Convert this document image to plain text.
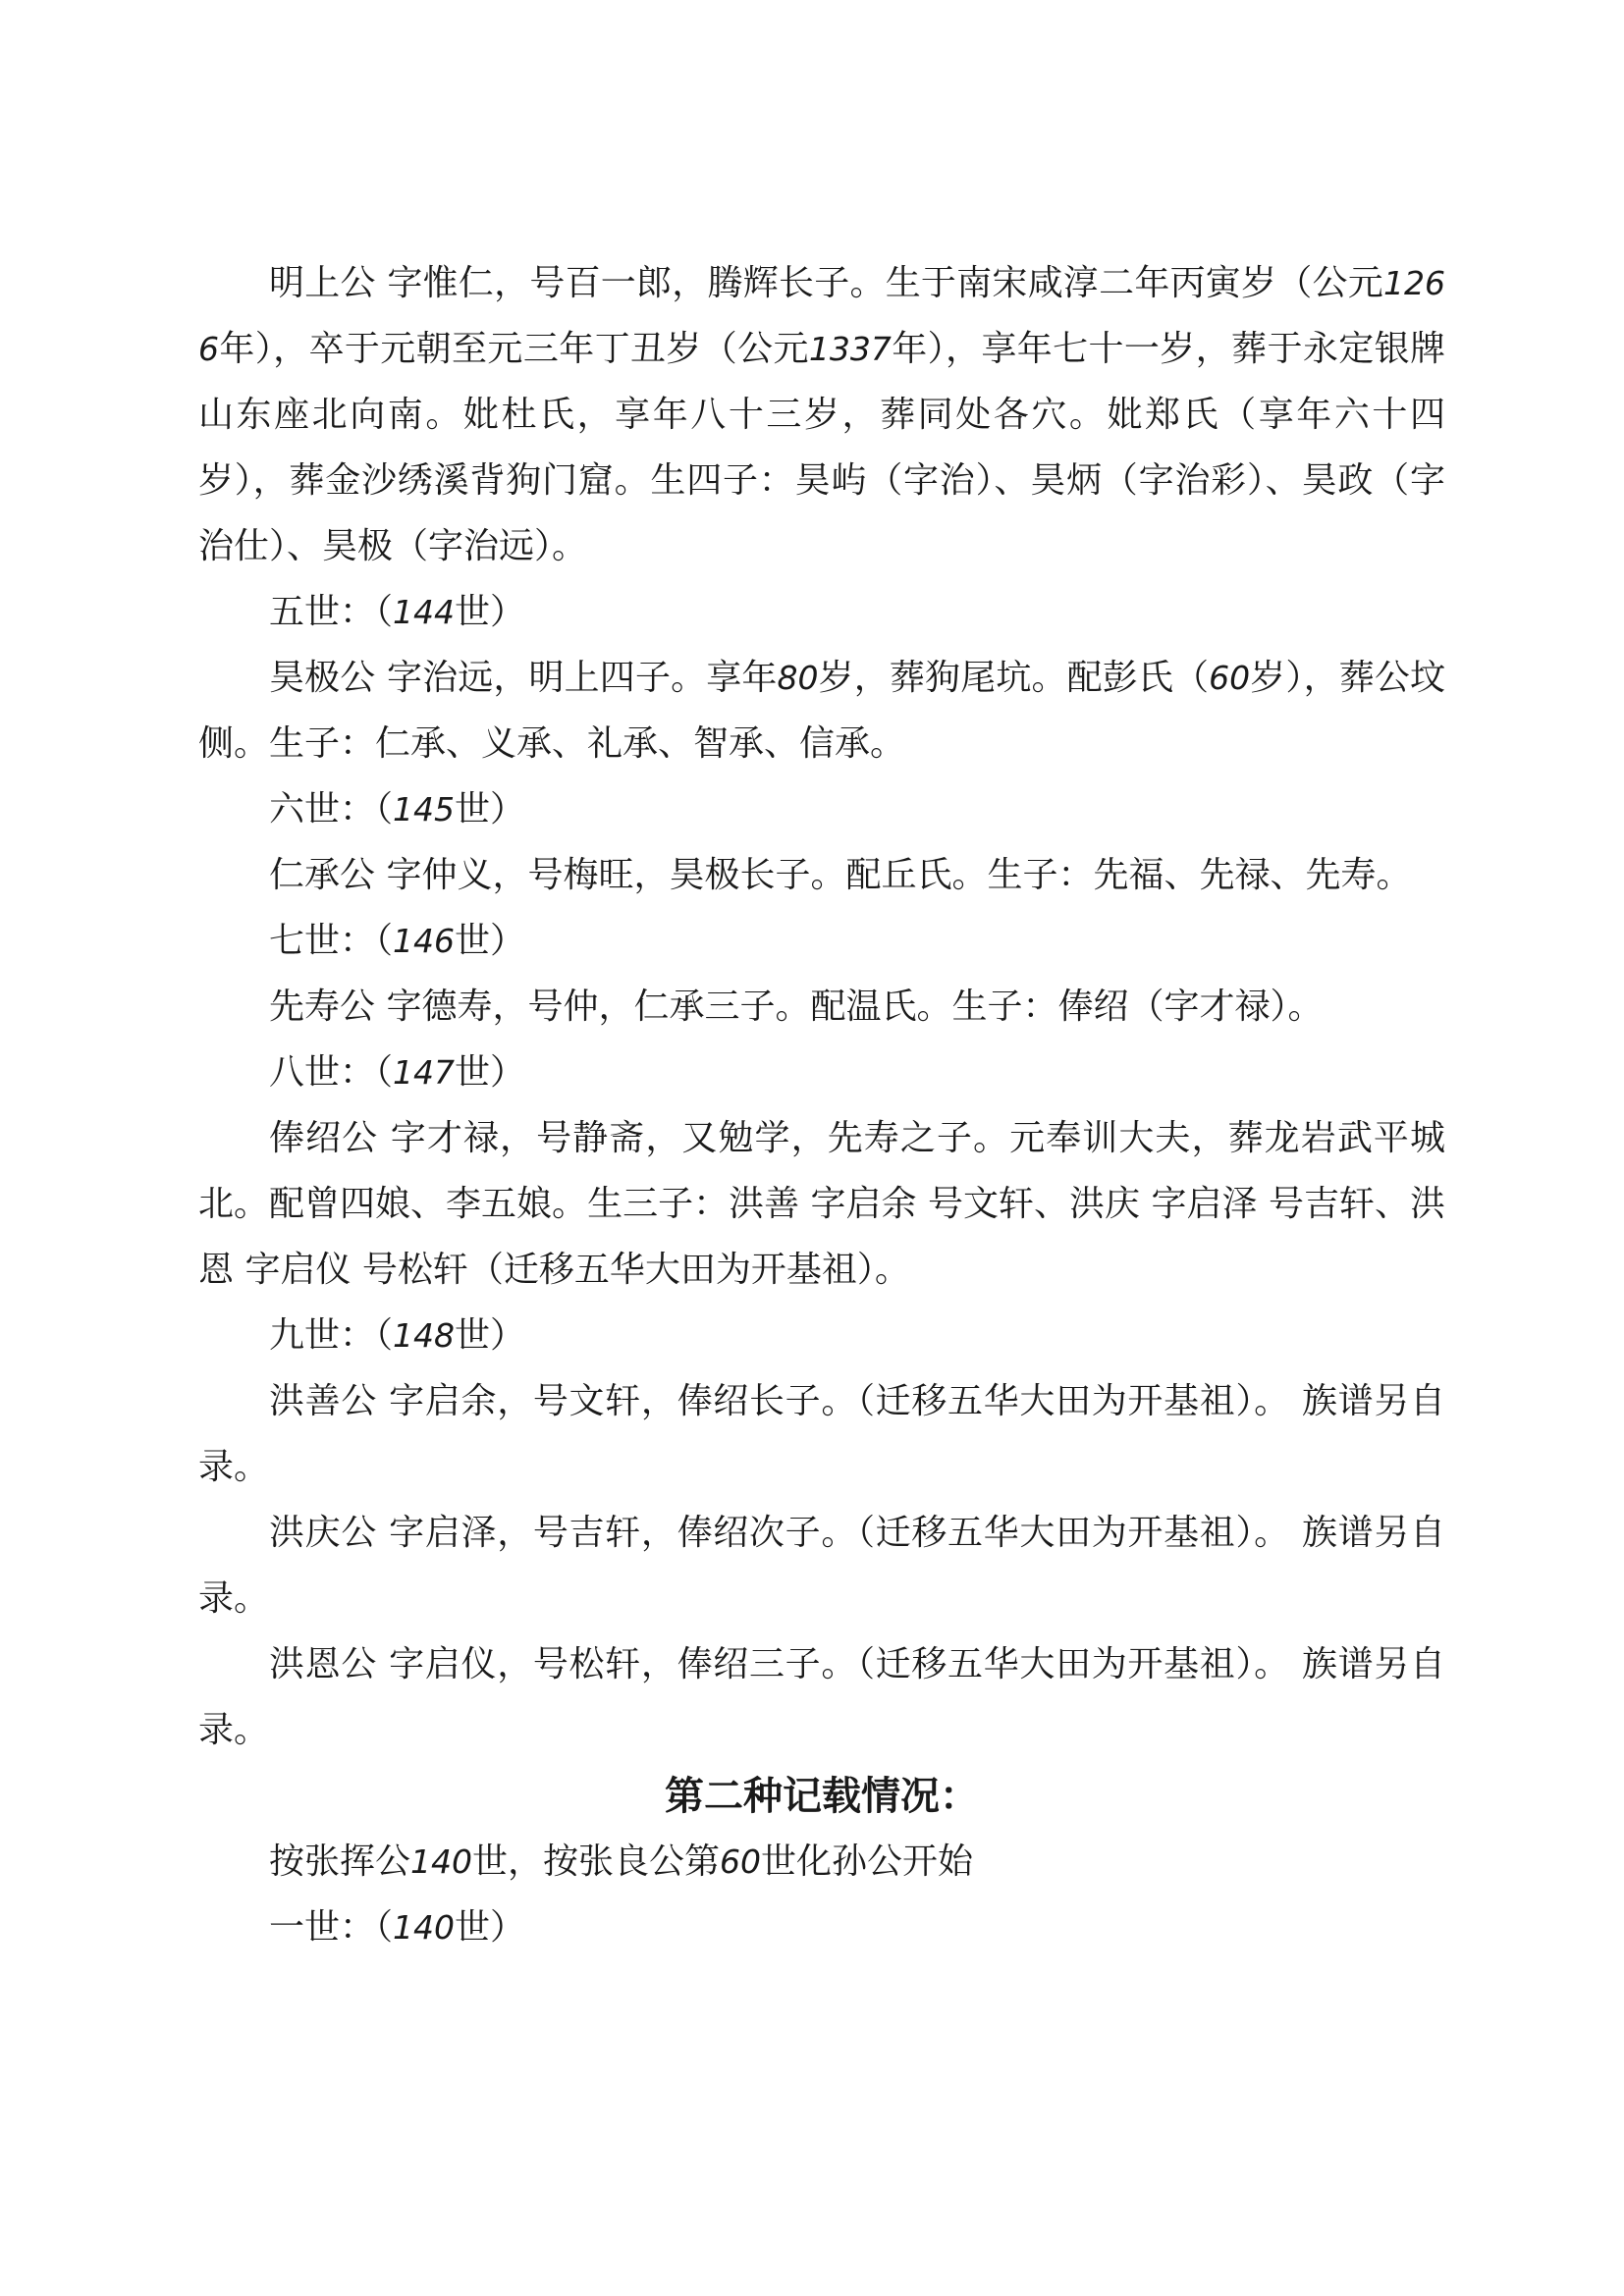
明上公 字惟仁，号百一郎，腾辉长子。生于南宋咸淳二年丙寅岁（公元1266年），卒于元朝至元三年丁丑岁（公元1337年），享年七十一岁，葬于永定银牌山东座北向南。妣杜氏，享年八十三岁，葬同处各穴。妣郑氏（享年六十四岁），葬金沙绣溪背狗门窟。生四子：昊屿（字治）、昊炳（字治彩）、昊政（字治仕）、昊极（字治远）。

五世：（144世）

昊极公 字治远，明上四子。享年80岁，葬狗尾坑。配彭氏（60岁），葬公坟侧。生子：仁承、义承、礼承、智承、信承。

六世：（145世）

仁承公 字仲义，号梅旺，昊极长子。配丘氏。生子：先福、先禄、先寿。

七世：（146世）

先寿公 字德寿，号仲，仁承三子。配温氏。生子：俸绍（字才禄）。

八世：（147世）

俸绍公 字才禄，号静斋，又勉学，先寿之子。元奉训大夫，葬龙岩武平城北。配曾四娘、李五娘。生三子：洪善 字启余 号文轩、洪庆 字启泽 号吉轩、洪恩 字启仪 号松轩（迁移五华大田为开基祖）。

九世：（148世）

洪善公 字启余，号文轩，俸绍长子。（迁移五华大田为开基祖）。 族谱另自录。

洪庆公 字启泽，号吉轩，俸绍次子。（迁移五华大田为开基祖）。 族谱另自录。

洪恩公 字启仪，号松轩，俸绍三子。（迁移五华大田为开基祖）。 族谱另自录。

第二种记载情况：

按张挥公140世，按张良公第60世化孙公开始

一世：（140世）
